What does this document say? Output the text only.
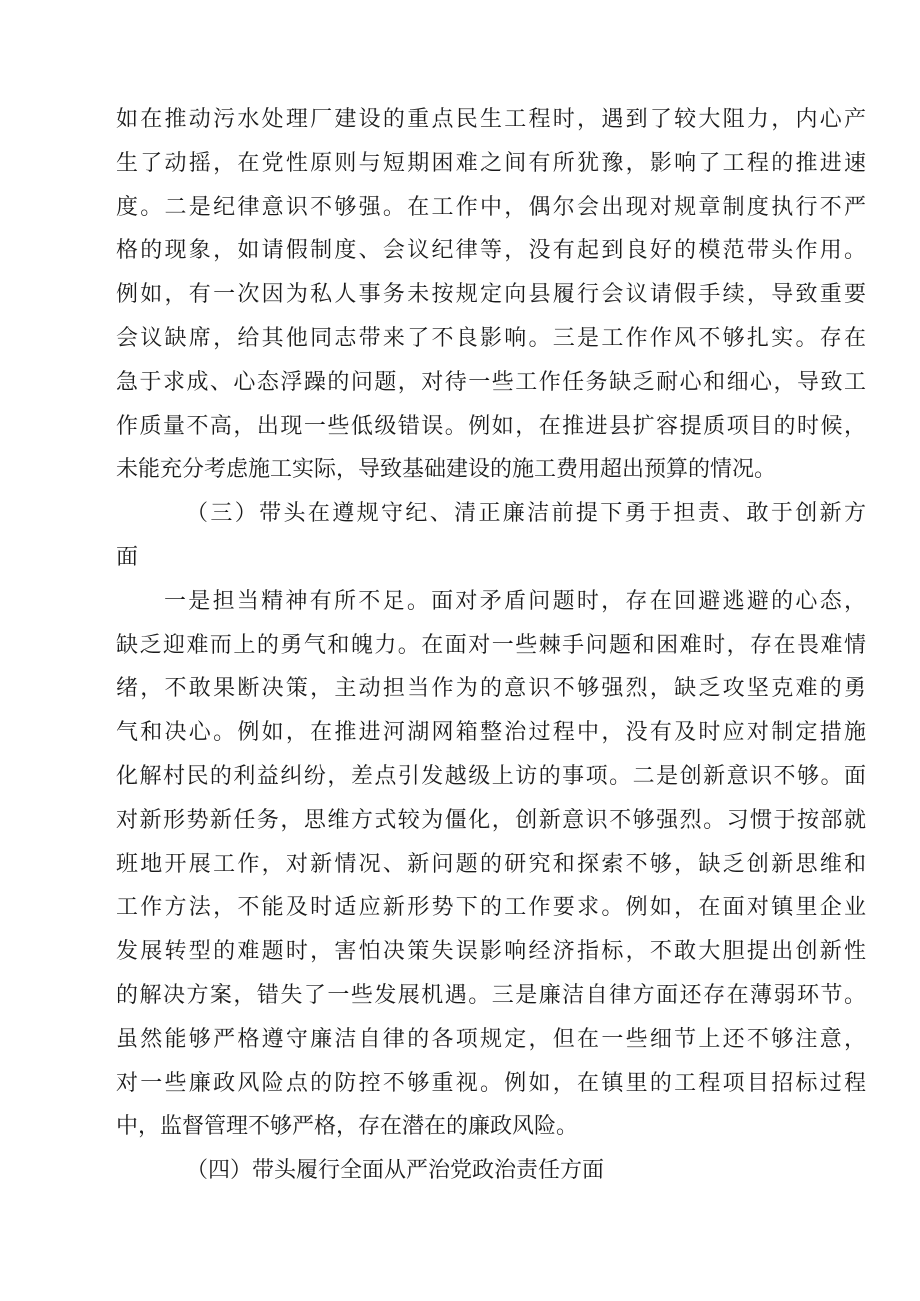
如在推动污水处理厂建设的重点民生工程时，遇到了较大阻力，内心产
生了动摇，在党性原则与短期困难之间有所犹豫，影响了工程的推进速
度。二是纪律意识不够强。在工作中，偶尔会出现对规章制度执行不严
格的现象，如请假制度、会议纪律等，没有起到良好的模范带头作用。
例如，有一次因为私人事务未按规定向县履行会议请假手续，导致重要
会议缺席，给其他同志带来了不良影响。三是工作作风不够扎实。存在
急于求成、心态浮躁的问题，对待一些工作任务缺乏耐心和细心，导致工
作质量不高，出现一些低级错误。例如，在推进县扩容提质项目的时候，
未能充分考虑施工实际，导致基础建设的施工费用超出预算的情况。
（三）带头在遵规守纪、清正廉洁前提下勇于担责、敢于创新方
面
一是担当精神有所不足。面对矛盾问题时，存在回避逃避的心态，
缺乏迎难而上的勇气和魄力。在面对一些棘手问题和困难时，存在畏难情
绪，不敢果断决策，主动担当作为的意识不够强烈，缺乏攻坚克难的勇
气和决心。例如，在推进河湖网箱整治过程中，没有及时应对制定措施
化解村民的利益纠纷，差点引发越级上访的事项。二是创新意识不够。面
对新形势新任务，思维方式较为僵化，创新意识不够强烈。习惯于按部就
班地开展工作，对新情况、新问题的研究和探索不够，缺乏创新思维和
工作方法，不能及时适应新形势下的工作要求。例如，在面对镇里企业
发展转型的难题时，害怕决策失误影响经济指标，不敢大胆提出创新性
的解决方案，错失了一些发展机遇。三是廉洁自律方面还存在薄弱环节。
虽然能够严格遵守廉洁自律的各项规定，但在一些细节上还不够注意，
对一些廉政风险点的防控不够重视。例如，在镇里的工程项目招标过程
中，监督管理不够严格，存在潜在的廉政风险。
（四）带头履行全面从严治党政治责任方面
